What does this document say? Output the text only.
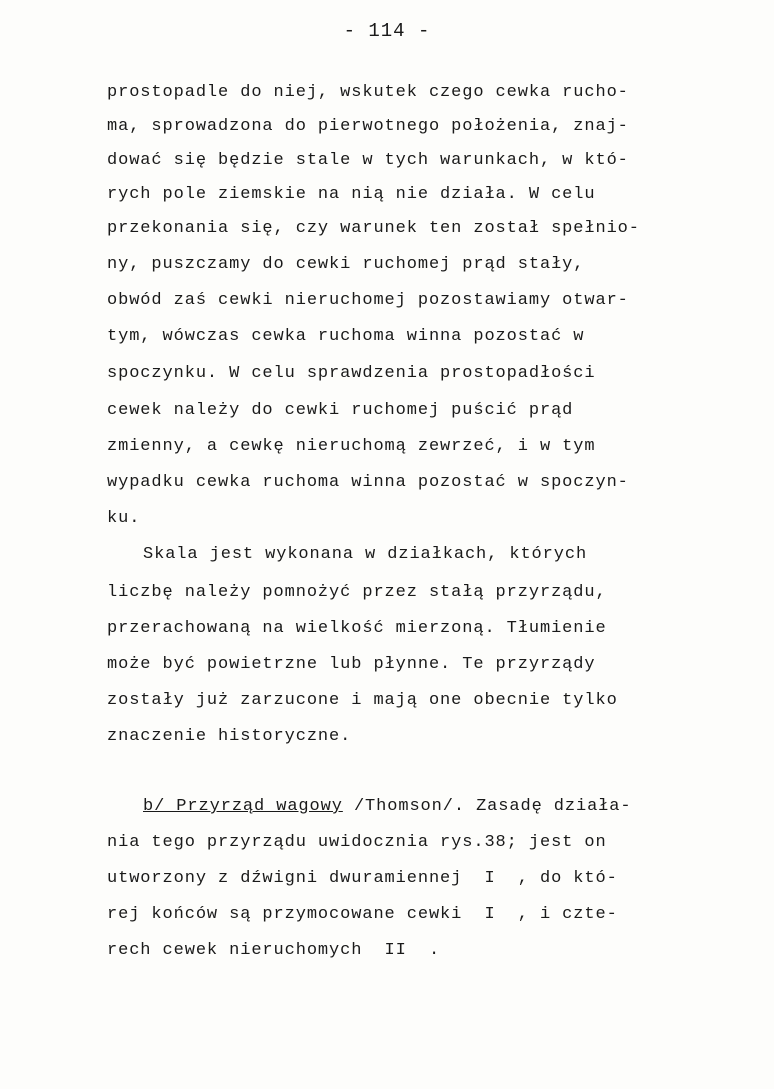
- 114 -
prostopadle do niej, wskutek czego cewka rucho-
ma, sprowadzona do pierwotnego położenia, znaj-
dować się będzie stale w tych warunkach, w któ-
rych pole ziemskie na nią nie działa. W celu
przekonania się, czy warunek ten został spełnio-
ny, puszczamy do cewki ruchomej prąd stały,
obwód zaś cewki nieruchomej pozostawiamy otwar-
tym, wówczas cewka ruchoma winna pozostać w
spoczynku. W celu sprawdzenia prostopadłości
cewek należy do cewki ruchomej puścić prąd
zmienny, a cewkę nieruchomą zewrzeć, i w tym
wypadku cewka ruchoma winna pozostać w spoczyn-
ku.
Skala jest wykonana w działkach, których
liczbę należy pomnożyć przez stałą przyrządu,
przerachowaną na wielkość mierzoną. Tłumienie
może być powietrzne lub płynne. Te przyrządy
zostały już zarzucone i mają one obecnie tylko
znaczenie historyczne.
b/ Przyrząd wagowy /Thomson/. Zasadę działa-
nia tego przyrządu uwidocznia rys.38; jest on
utworzony z dźwigni dwuramiennej  I  , do któ-
rej końców są przymocowane cewki  I  , i czte-
rech cewek nieruchomych  II  .
